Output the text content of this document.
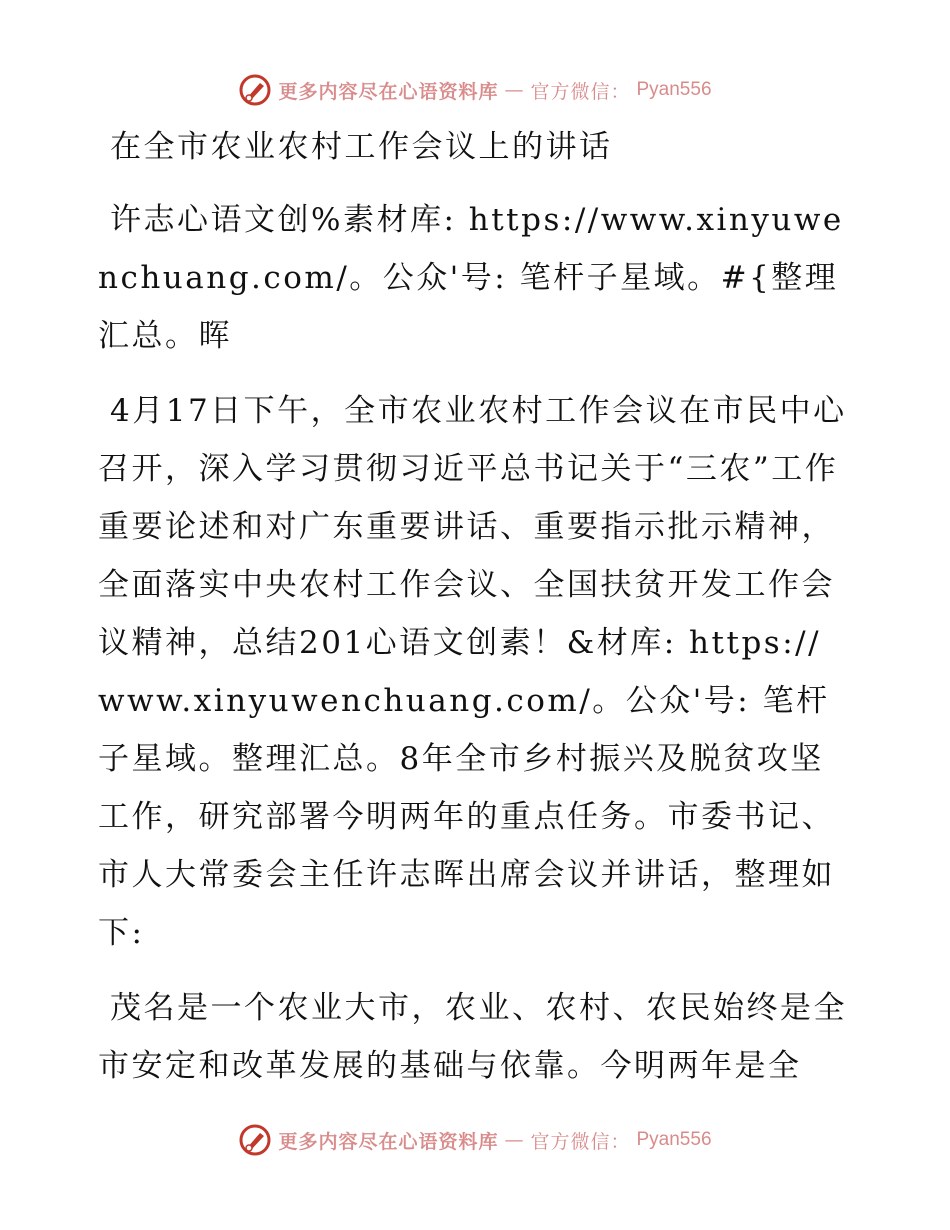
更多内容尽在心语资料库 — 官方微信： Pyan556
在全市农业农村工作会议上的讲话
许志心语文创%素材库: https://www.xinyuwenchuang.com/。公众'号: 笔杆子星域。#{整理汇总。晖
4月17日下午，全市农业农村工作会议在市民中心召开，深入学习贯彻习近平总书记关于“三农”工作重要论述和对广东重要讲话、重要指示批示精神，全面落实中央农村工作会议、全国扶贫开发工作会议精神，总结201心语文创素！&材库: https://www.xinyuwenchuang.com/。公众'号: 笔杆子星域。整理汇总。8年全市乡村振兴及脱贫攻坚工作，研究部署今明两年的重点任务。市委书记、市人大常委会主任许志晖出席会议并讲话，整理如下:
茂名是一个农业大市，农业、农村、农民始终是全市安定和改革发展的基础与依靠。今明两年是全
更多内容尽在心语资料库 — 官方微信： Pyan556
